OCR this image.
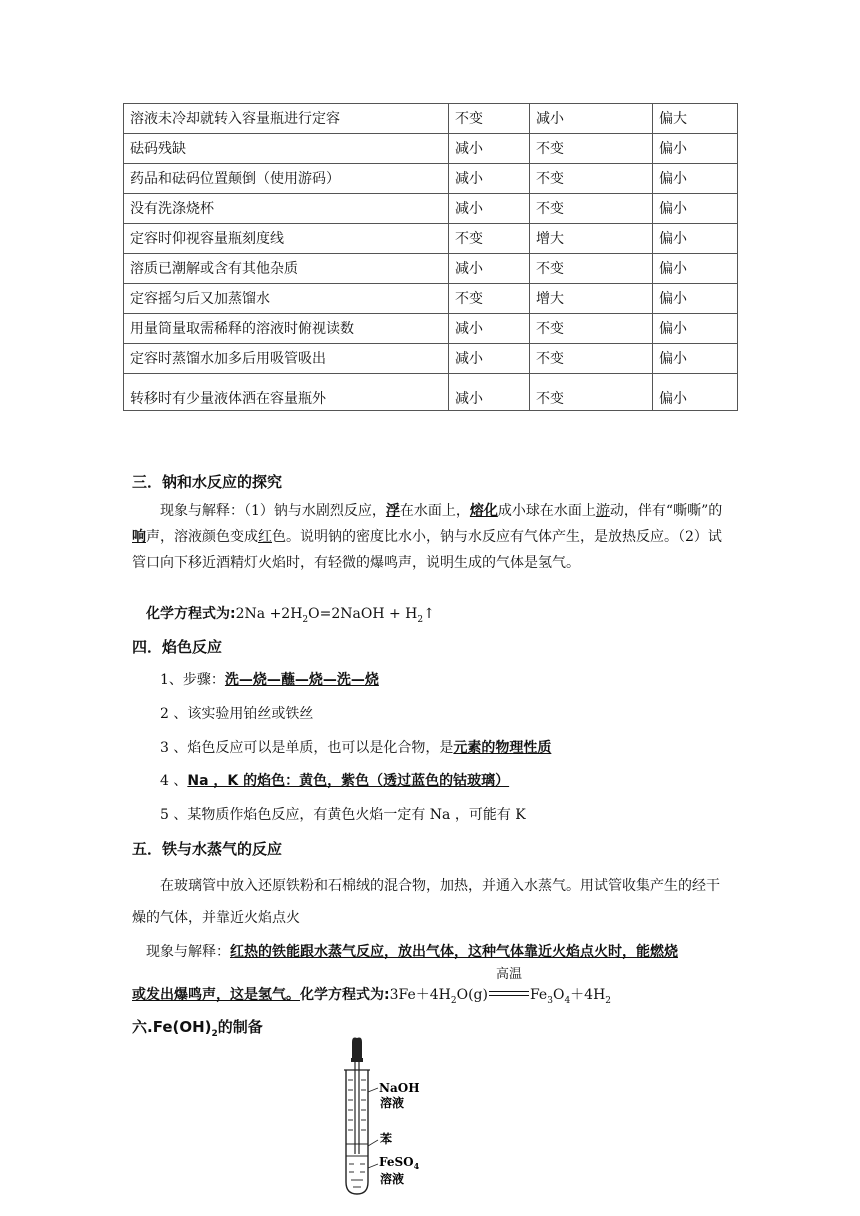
溶液未冷却就转入容量瓶进行定容	不变	减小	偏大
砝码残缺	减小	不变	偏小
药品和砝码位置颠倒（使用游码）	减小	不变	偏小
没有洗涤烧杯	减小	不变	偏小
定容时仰视容量瓶刻度线	不变	增大	偏小
溶质已潮解或含有其他杂质	减小	不变	偏小
定容摇匀后又加蒸馏水	不变	增大	偏小
用量筒量取需稀释的溶液时俯视读数	减小	不变	偏小
定容时蒸馏水加多后用吸管吸出	减小	不变	偏小
转移时有少量液体洒在容量瓶外	减小	不变	偏小
三．钠和水反应的探究
现象与解释：（1）钠与水剧烈反应，浮在水面上，熔化成小球在水面上游动，伴有“嘶嘶”的响声，溶液颜色变成红色。说明钠的密度比水小，钠与水反应有气体产生，是放热反应。（2）试管口向下移近酒精灯火焰时，有轻微的爆鸣声，说明生成的气体是氢气。
化学方程式为:2Na $+2H_2O=2NaOH$ + $H_2↑$
四．焰色反应
1、步骤：洗—烧—蘸—烧—洗—烧
2 、该实验用铂丝或铁丝
3 、焰色反应可以是单质，也可以是化合物，是元素的物理性质
4 、Na ，K 的焰色：黄色，紫色（透过蓝色的钴玻璃）
5 、某物质作焰色反应，有黄色火焰一定有 Na ，可能有 K
五．铁与水蒸气的反应
在玻璃管中放入还原铁粉和石棉绒的混合物，加热，并通入水蒸气。用试管收集产生的经干燥的气体，并靠近火焰点火
现象与解释：红热的铁能跟水蒸气反应，放出气体，这种气体靠近火焰点火时，能燃烧
或发出爆鸣声，这是氢气。化学方程式为$:3Fe+4H_2O(g)$
高温
$Fe_3O_4+4H_2$
六$.Fe(OH)_2$的制备
NaOH
溶液
苯
FeSO$_4$
溶液
